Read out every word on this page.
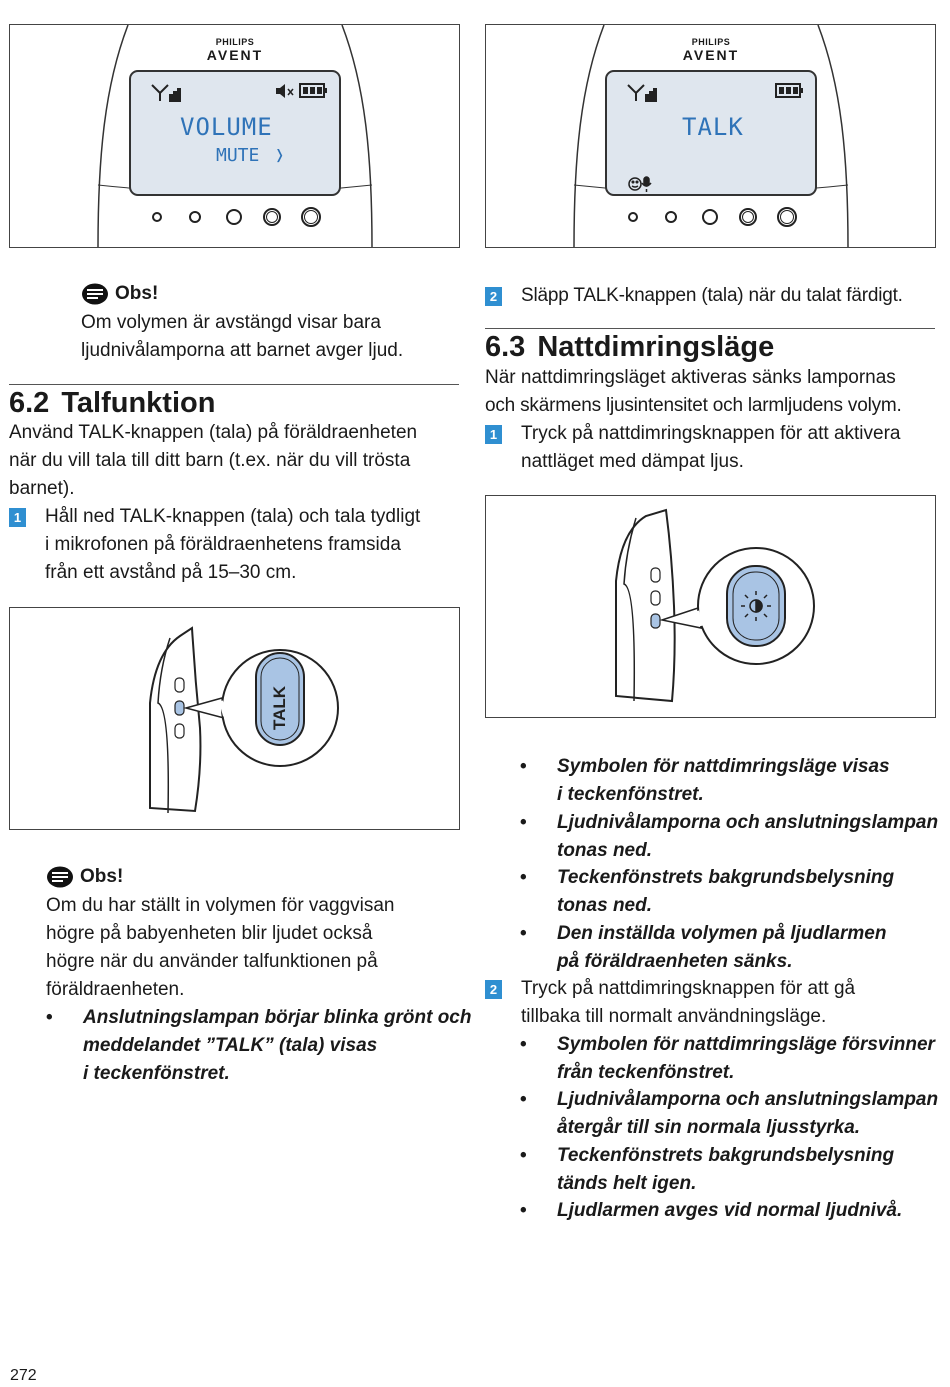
PHILIPS
AVENT
VOLUME
MUTE ❭
PHILIPS
AVENT
TALK
Obs!
Om volymen är avstängd visar bara
ljudnivålamporna att barnet avger ljud.
6.2 Talfunktion
Använd TALK-knappen (tala) på föräldraenheten
när du vill tala till ditt barn (t.ex. när du vill trösta
barnet).
1 Håll ned TALK-knappen (tala) och tala tydligt
i mikrofonen på föräldraenhetens framsida
från ett avstånd på 15–30 cm.
TALK
Obs!
Om du har ställt in volymen för vaggvisan
högre på babyenheten blir ljudet också
högre när du använder talfunktionen på
föräldraenheten.
• Anslutningslampan börjar blinka grönt och
meddelandet ”TALK” (tala) visas
i teckenfönstret.
2 Släpp TALK-knappen (tala) när du talat färdigt.
6.3 Nattdimringsläge
När nattdimringsläget aktiveras sänks lampornas
och skärmens ljusintensitet och larmljudens volym.
1 Tryck på nattdimringsknappen för att aktivera
nattläget med dämpat ljus.
• Symbolen för nattdimringsläge visas
i teckenfönstret.
• Ljudnivålamporna och anslutningslampan
tonas ned.
• Teckenfönstrets bakgrundsbelysning
tonas ned.
• Den inställda volymen på ljudlarmen
på föräldraenheten sänks.
2 Tryck på nattdimringsknappen för att gå
tillbaka till normalt användningsläge.
• Symbolen för nattdimringsläge försvinner
från teckenfönstret.
• Ljudnivålamporna och anslutningslampan
återgår till sin normala ljusstyrka.
• Teckenfönstrets bakgrundsbelysning
tänds helt igen.
• Ljudlarmen avges vid normal ljudnivå.
272
